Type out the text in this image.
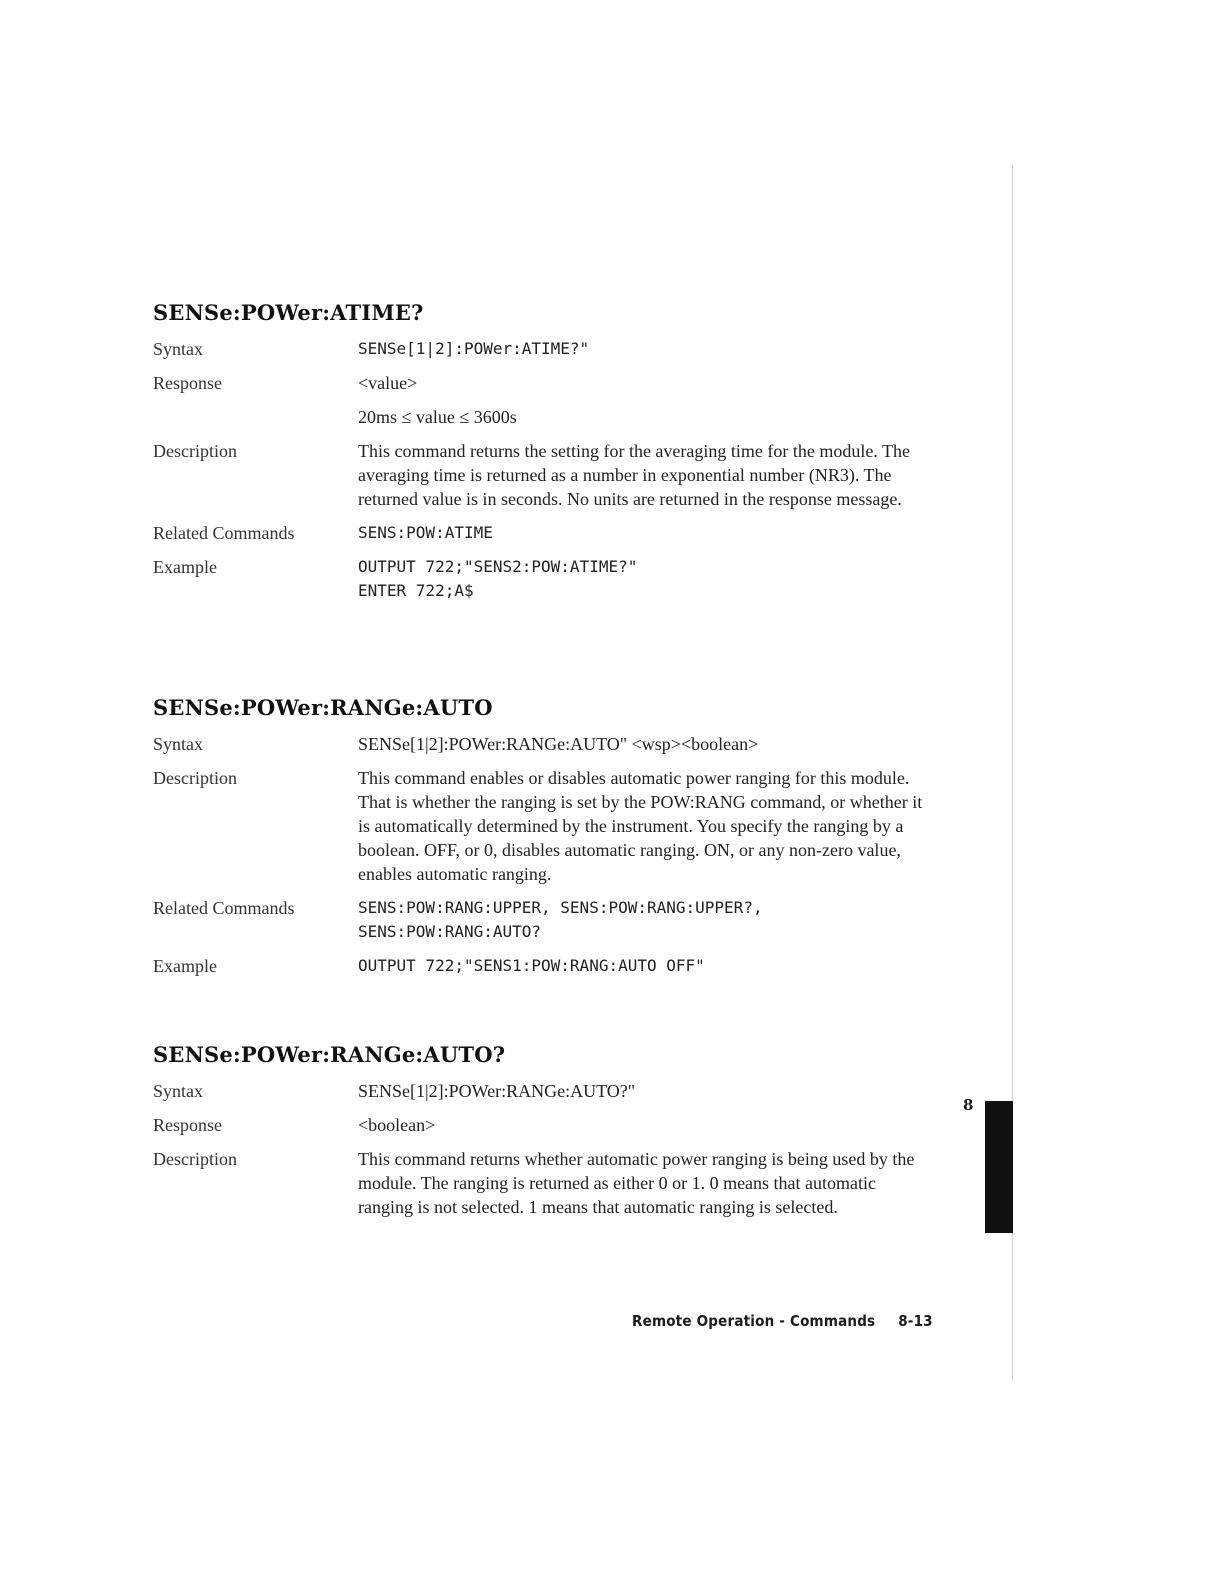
SENSe:POWer:ATIME?
Syntax	SENSe[1|2]:POWer:ATIME?"
Response	<value>
20ms ≤ value ≤ 3600s
Description	This command returns the setting for the averaging time for the module. The averaging time is returned as a number in exponential number (NR3). The returned value is in seconds. No units are returned in the response message.
Related Commands	SENS:POW:ATIME
Example	OUTPUT 722;"SENS2:POW:ATIME?"
ENTER 722;A$
SENSe:POWer:RANGe:AUTO
Syntax	SENSe[1|2]:POWer:RANGe:AUTO" <wsp><boolean>
Description	This command enables or disables automatic power ranging for this module. That is whether the ranging is set by the POW:RANG command, or whether it is automatically determined by the instrument. You specify the ranging by a boolean. OFF, or 0, disables automatic ranging. ON, or any non-zero value, enables automatic ranging.
Related Commands	SENS:POW:RANG:UPPER, SENS:POW:RANG:UPPER?,
SENS:POW:RANG:AUTO?
Example	OUTPUT 722;"SENS1:POW:RANG:AUTO OFF"
SENSe:POWer:RANGe:AUTO?
Syntax	SENSe[1|2]:POWer:RANGe:AUTO?"
Response	<boolean>
Description	This command returns whether automatic power ranging is being used by the module. The ranging is returned as either 0 or 1. 0 means that automatic ranging is not selected. 1 means that automatic ranging is selected.
8
Remote Operation - Commands 8-13
